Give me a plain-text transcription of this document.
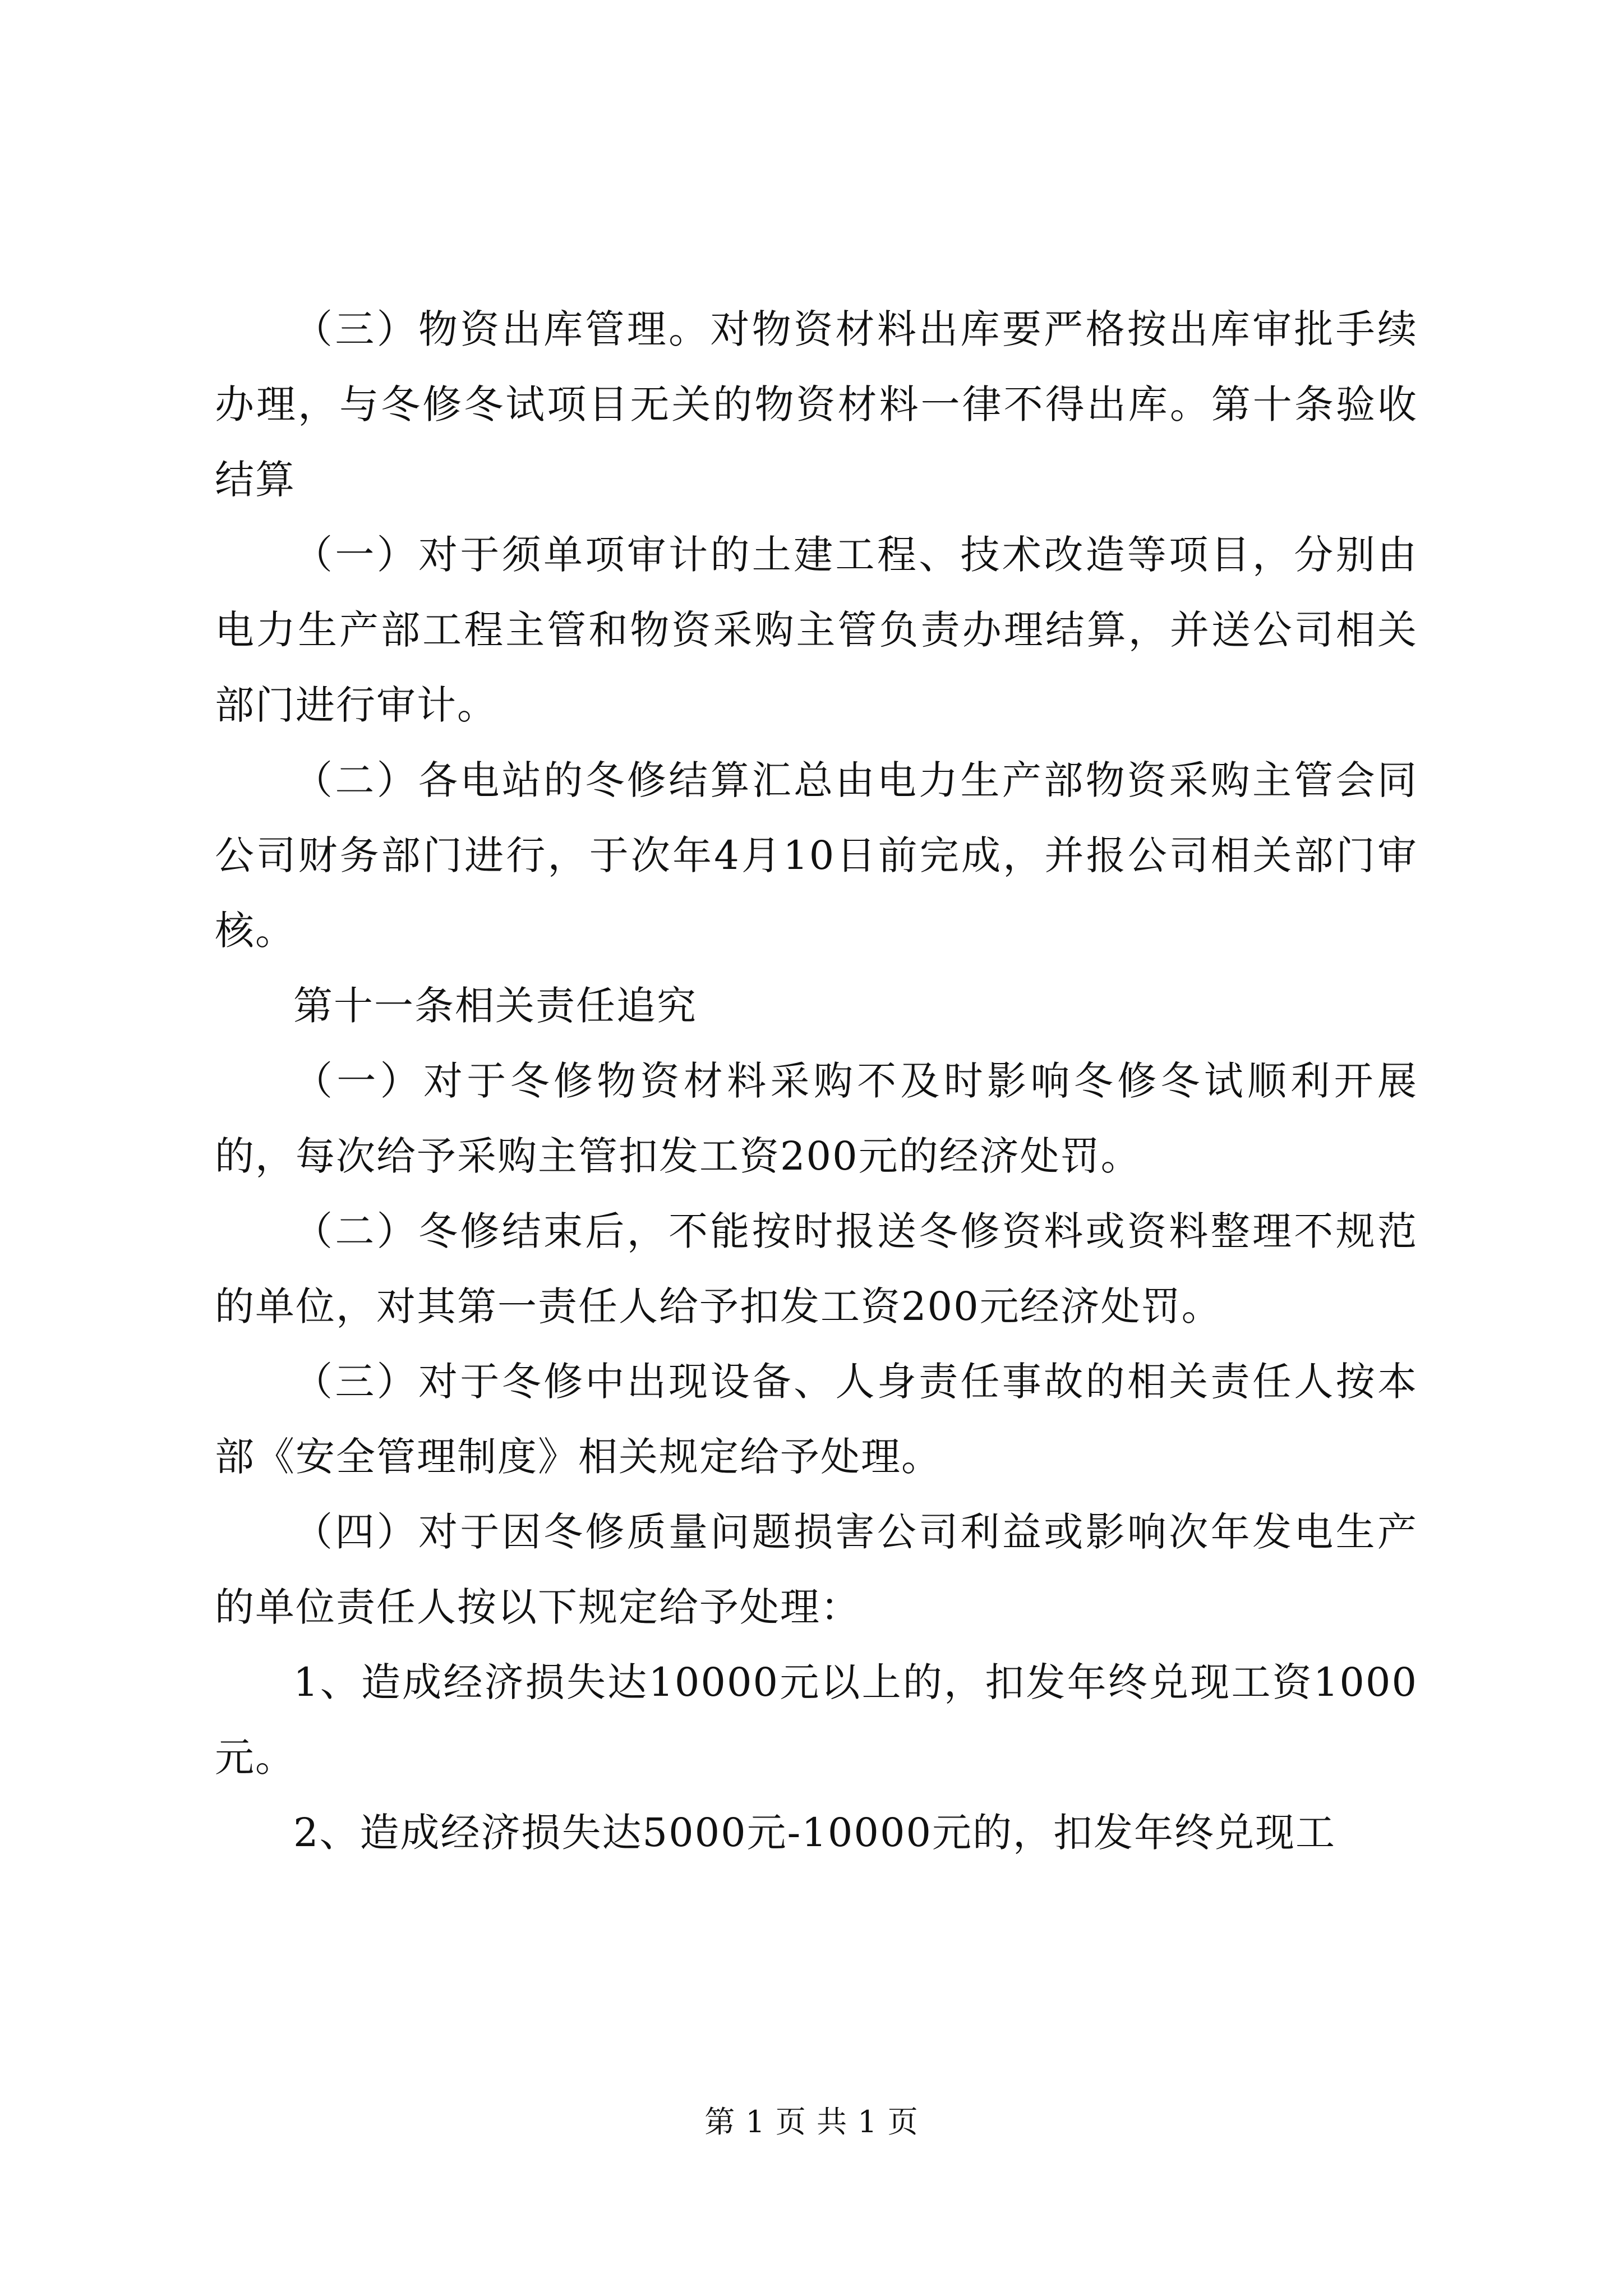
（三）物资出库管理。对物资材料出库要严格按出库审批手续办理，与冬修冬试项目无关的物资材料一律不得出库。第十条验收结算

（一）对于须单项审计的土建工程、技术改造等项目，分别由电力生产部工程主管和物资采购主管负责办理结算，并送公司相关部门进行审计。

（二）各电站的冬修结算汇总由电力生产部物资采购主管会同公司财务部门进行，于次年4月10日前完成，并报公司相关部门审核。

第十一条相关责任追究

（一）对于冬修物资材料采购不及时影响冬修冬试顺利开展的，每次给予采购主管扣发工资200元的经济处罚。

（二）冬修结束后，不能按时报送冬修资料或资料整理不规范的单位，对其第一责任人给予扣发工资200元经济处罚。

（三）对于冬修中出现设备、人身责任事故的相关责任人按本部《安全管理制度》相关规定给予处理。

（四）对于因冬修质量问题损害公司利益或影响次年发电生产的单位责任人按以下规定给予处理：

1、造成经济损失达10000元以上的，扣发年终兑现工资1000元。

2、造成经济损失达5000元-10000元的，扣发年终兑现工

第 1 页 共 1 页
